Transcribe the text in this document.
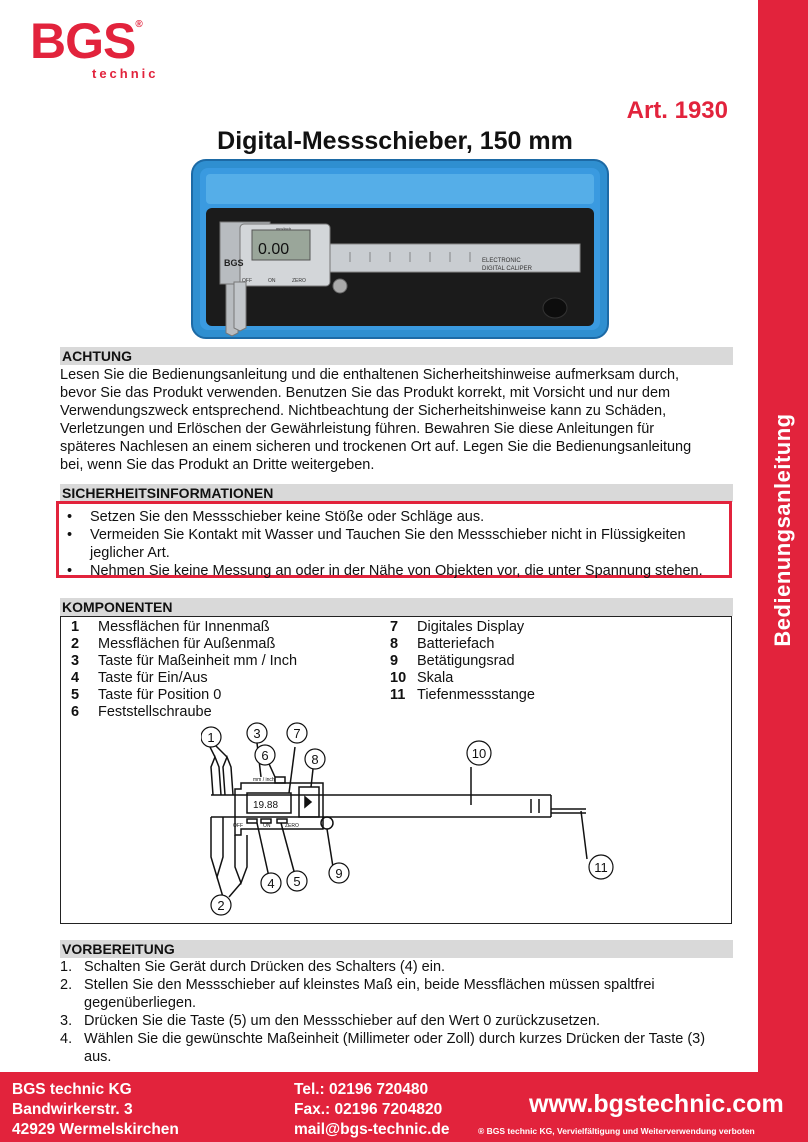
BGS®
technic
Art. 1930
Digital-Messschieber, 150 mm
Bedienungsanleitung
BGS
0.00
ELECTRONIC
DIGITAL CALIPER
OFF	ON	ZERO
mm/inch
ACHTUNG
Lesen Sie die Bedienungsanleitung und die enthaltenen Sicherheitshinweise aufmerksam durch,
bevor Sie das Produkt verwenden. Benutzen Sie das Produkt korrekt, mit Vorsicht und nur dem
Verwendungszweck entsprechend. Nichtbeachtung der Sicherheitshinweise kann zu Schäden,
Verletzungen und Erlöschen der Gewährleistung führen. Bewahren Sie diese Anleitungen für
späteres Nachlesen an einem sicheren und trockenen Ort auf. Legen Sie die Bedienungsanleitung
bei, wenn Sie das Produkt an Dritte weitergeben.
SICHERHEITSINFORMATIONEN
• Setzen Sie den Messschieber keine Stöße oder Schläge aus.
• Vermeiden Sie Kontakt mit Wasser und Tauchen Sie den Messschieber nicht in Flüssigkeiten jeglicher Art.
• Nehmen Sie keine Messung an oder in der Nähe von Objekten vor, die unter Spannung stehen.
KOMPONENTEN
1 Messflächen für Innenmaß
2 Messflächen für Außenmaß
3 Taste für Maßeinheit mm / Inch
4 Taste für Ein/Aus
5 Taste für Position 0
6 Feststellschraube
7 Digitales Display
8 Batteriefach
9 Betätigungsrad
10 Skala
11 Tiefenmessstange
19.88
mm / inch
OFF	ON	ZERO
1
2
3
4 5
6
7
8
9
10
11
VORBEREITUNG
1. Schalten Sie Gerät durch Drücken des Schalters (4) ein.
2. Stellen Sie den Messschieber auf kleinstes Maß ein, beide Messflächen müssen spaltfrei gegenüberliegen.
3. Drücken Sie die Taste (5) um den Messschieber auf den Wert 0 zurückzusetzen.
4. Wählen Sie die gewünschte Maßeinheit (Millimeter oder Zoll) durch kurzes Drücken der Taste (3) aus.
BGS technic KG
Bandwirkerstr. 3
42929 Wermelskirchen
Tel.: 02196 720480
Fax.: 02196 7204820
mail@bgs-technic.de
www.bgstechnic.com
® BGS technic KG, Vervielfältigung und Weiterverwendung verboten
